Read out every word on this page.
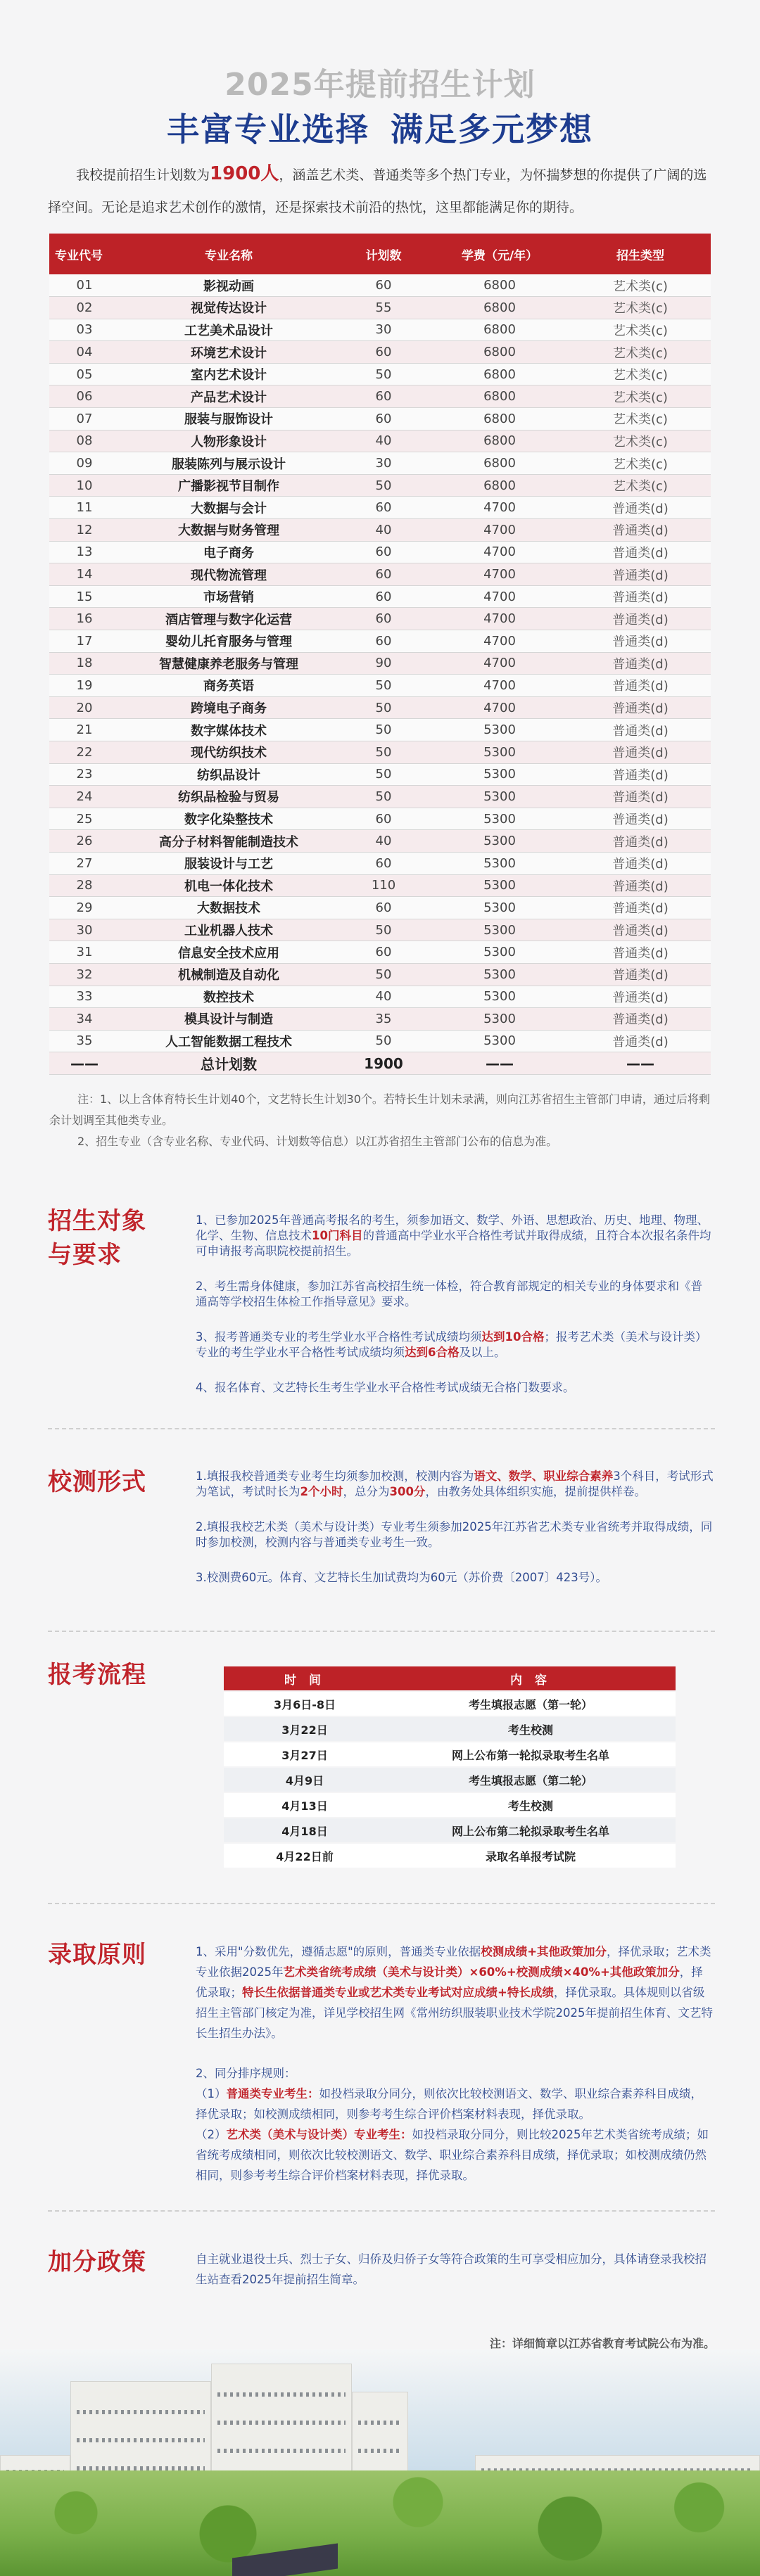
2025年提前招生计划
丰富专业选择 满足多元梦想

我校提前招生计划数为1900人，涵盖艺术类、普通类等多个热门专业，为怀揣梦想的你提供了广阔的选择空间。无论是追求艺术创作的激情，还是探索技术前沿的热忱，这里都能满足你的期待。

专业代号	专业名称	计划数	学费（元/年）	招生类型
01	影视动画	60	6800	艺术类(c)
02	视觉传达设计	55	6800	艺术类(c)
03	工艺美术品设计	30	6800	艺术类(c)
04	环境艺术设计	60	6800	艺术类(c)
05	室内艺术设计	50	6800	艺术类(c)
06	产品艺术设计	60	6800	艺术类(c)
07	服装与服饰设计	60	6800	艺术类(c)
08	人物形象设计	40	6800	艺术类(c)
09	服装陈列与展示设计	30	6800	艺术类(c)
10	广播影视节目制作	50	6800	艺术类(c)
11	大数据与会计	60	4700	普通类(d)
12	大数据与财务管理	40	4700	普通类(d)
13	电子商务	60	4700	普通类(d)
14	现代物流管理	60	4700	普通类(d)
15	市场营销	60	4700	普通类(d)
16	酒店管理与数字化运营	60	4700	普通类(d)
17	婴幼儿托育服务与管理	60	4700	普通类(d)
18	智慧健康养老服务与管理	90	4700	普通类(d)
19	商务英语	50	4700	普通类(d)
20	跨境电子商务	50	4700	普通类(d)
21	数字媒体技术	50	5300	普通类(d)
22	现代纺织技术	50	5300	普通类(d)
23	纺织品设计	50	5300	普通类(d)
24	纺织品检验与贸易	50	5300	普通类(d)
25	数字化染整技术	60	5300	普通类(d)
26	高分子材料智能制造技术	40	5300	普通类(d)
27	服装设计与工艺	60	5300	普通类(d)
28	机电一体化技术	110	5300	普通类(d)
29	大数据技术	60	5300	普通类(d)
30	工业机器人技术	50	5300	普通类(d)
31	信息安全技术应用	60	5300	普通类(d)
32	机械制造及自动化	50	5300	普通类(d)
33	数控技术	40	5300	普通类(d)
34	模具设计与制造	35	5300	普通类(d)
35	人工智能数据工程技术	50	5300	普通类(d)
——	总计划数	1900	——	——

注：1、以上含体育特长生计划40个，文艺特长生计划30个。若特长生计划未录满，则向江苏省招生主管部门申请，通过后将剩余计划调至其他类专业。

2、招生专业（含专业名称、专业代码、计划数等信息）以江苏省招生主管部门公布的信息为准。

招生对象
与要求

1、已参加2025年普通高考报名的考生，须参加语文、数学、外语、思想政治、历史、地理、物理、化学、生物、信息技术10门科目的普通高中学业水平合格性考试并取得成绩，且符合本次报名条件均可申请报考高职院校提前招生。

2、考生需身体健康，参加江苏省高校招生统一体检，符合教育部规定的相关专业的身体要求和《普通高等学校招生体检工作指导意见》要求。

3、报考普通类专业的考生学业水平合格性考试成绩均须达到10合格；报考艺术类（美术与设计类）专业的考生学业水平合格性考试成绩均须达到6合格及以上。

4、报名体育、文艺特长生考生学业水平合格性考试成绩无合格门数要求。

校测形式	1.填报我校普通类专业考生均须参加校测，校测内容为语文、数学、职业综合素养3个科目，考试形式为笔试，考试时长为2个小时，总分为300分，由教务处具体组织实施，提前提供样卷。

2.填报我校艺术类（美术与设计类）专业考生须参加2025年江苏省艺术类专业省统考并取得成绩，同时参加校测，校测内容与普通类专业考生一致。

3.校测费60元。体育、文艺特长生加试费均为60元（苏价费〔2007〕423号）。

报考流程	时 间	内 容
3月6日-8日	考生填报志愿（第一轮）
3月22日	考生校测
3月27日	网上公布第一轮拟录取考生名单
4月9日	考生填报志愿（第二轮）
4月13日	考生校测
4月18日	网上公布第二轮拟录取考生名单
4月22日前	录取名单报考试院
录取原则	1、采用"分数优先，遵循志愿"的原则，普通类专业依据校测成绩+其他政策加分，择优录取；艺术类专业依据2025年艺术类省统考成绩（美术与设计类）×60%+校测成绩×40%+其他政策加分，择优录取；特长生依据普通类专业或艺术类专业考试对应成绩+特长成绩，择优录取。具体规则以省级招生主管部门核定为准，详见学校招生网《常州纺织服装职业技术学院2025年提前招生体育、文艺特长生招生办法》。

2、同分排序规则：
（1）普通类专业考生：如投档录取分同分，则依次比较校测语文、数学、职业综合素养科目成绩，择优录取；如校测成绩相同，则参考考生综合评价档案材料表现，择优录取。
（2）艺术类（美术与设计类）专业考生：如投档录取分同分，则比较2025年艺术类省统考成绩；如省统考成绩相同，则依次比较校测语文、数学、职业综合素养科目成绩，择优录取；如校测成绩仍然相同，则参考考生综合评价档案材料表现，择优录取。
加分政策	自主就业退役士兵、烈士子女、归侨及归侨子女等符合政策的生可享受相应加分，具体请登录我校招生站查看2025年提前招生简章。

注：详细简章以江苏省教育考试院公布为准。
